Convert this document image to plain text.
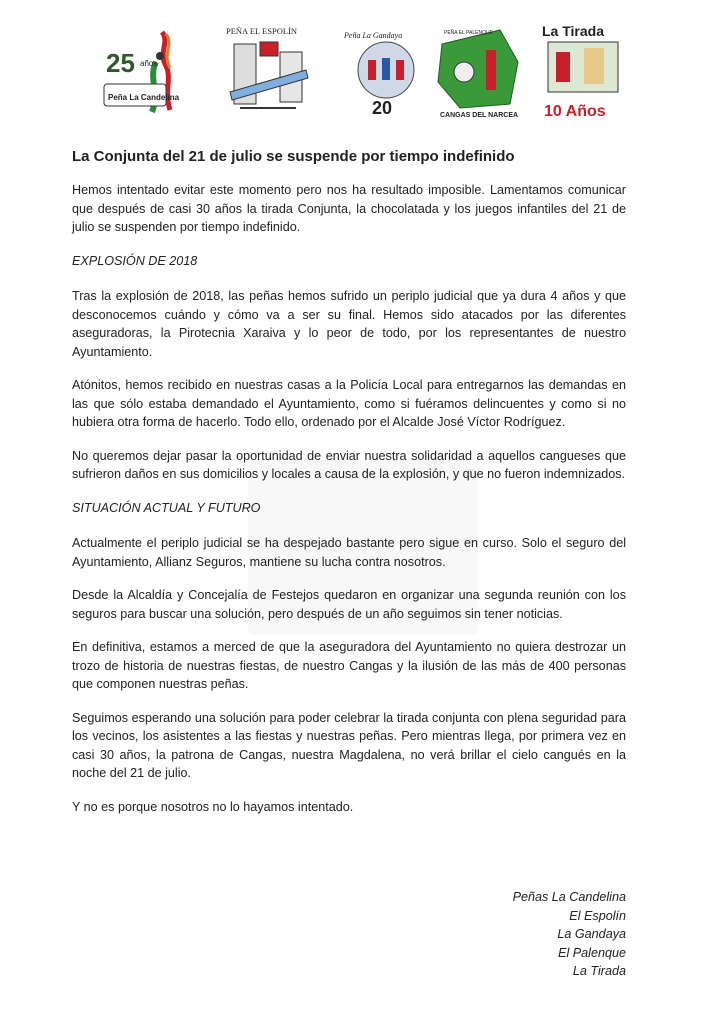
25 años
Peña La Candelina
PEÑA EL ESPOLÍN	Peña La Gandaya
20
PEÑA EL PALENQUE
CANGAS DEL NARCEA
La Tirada
10 Años
La Conjunta del 21 de julio se suspende por tiempo indefinido

Hemos intentado evitar este momento pero nos ha resultado imposible. Lamentamos comunicar que después de casi 30 años la tirada Conjunta, la chocolatada y los juegos infantiles del 21 de julio se suspenden por tiempo indefinido.

EXPLOSIÓN DE 2018

Tras la explosión de 2018, las peñas hemos sufrido un periplo judicial que ya dura 4 años y que desconocemos cuándo y cómo va a ser su final. Hemos sido atacados por las diferentes aseguradoras, la Pirotecnia Xaraiva y lo peor de todo, por los representantes de nuestro Ayuntamiento.

Atónitos, hemos recibido en nuestras casas a la Policía Local para entregarnos las demandas en las que sólo estaba demandado el Ayuntamiento, como si fuéramos delincuentes y como si no hubiera otra forma de hacerlo. Todo ello, ordenado por el Alcalde José Víctor Rodríguez.

No queremos dejar pasar la oportunidad de enviar nuestra solidaridad a aquellos cangueses que sufrieron daños en sus domicilios y locales a causa de la explosión, y que no fueron indemnizados.

SITUACIÓN ACTUAL Y FUTURO

Actualmente el periplo judicial se ha despejado bastante pero sigue en curso. Solo el seguro del Ayuntamiento, Allianz Seguros, mantiene su lucha contra nosotros.

Desde la Alcaldía y Concejalía de Festejos quedaron en organizar una segunda reunión con los seguros para buscar una solución, pero después de un año seguimos sin tener noticias.

En definitiva, estamos a merced de que la aseguradora del Ayuntamiento no quiera destrozar un trozo de historia de nuestras fiestas, de nuestro Cangas y la ilusión de las más de 400 personas que componen nuestras peñas.

Seguimos esperando una solución para poder celebrar la tirada conjunta con plena seguridad para los vecinos, los asistentes a las fiestas y nuestras peñas. Pero mientras llega, por primera vez en casi 30 años, la patrona de Cangas, nuestra Magdalena, no verá brillar el cielo cangués en la noche del 21 de julio.

Y no es porque nosotros no lo hayamos intentado.

Peñas La Candelina
El Espolín
La Gandaya
El Palenque
La Tirada
